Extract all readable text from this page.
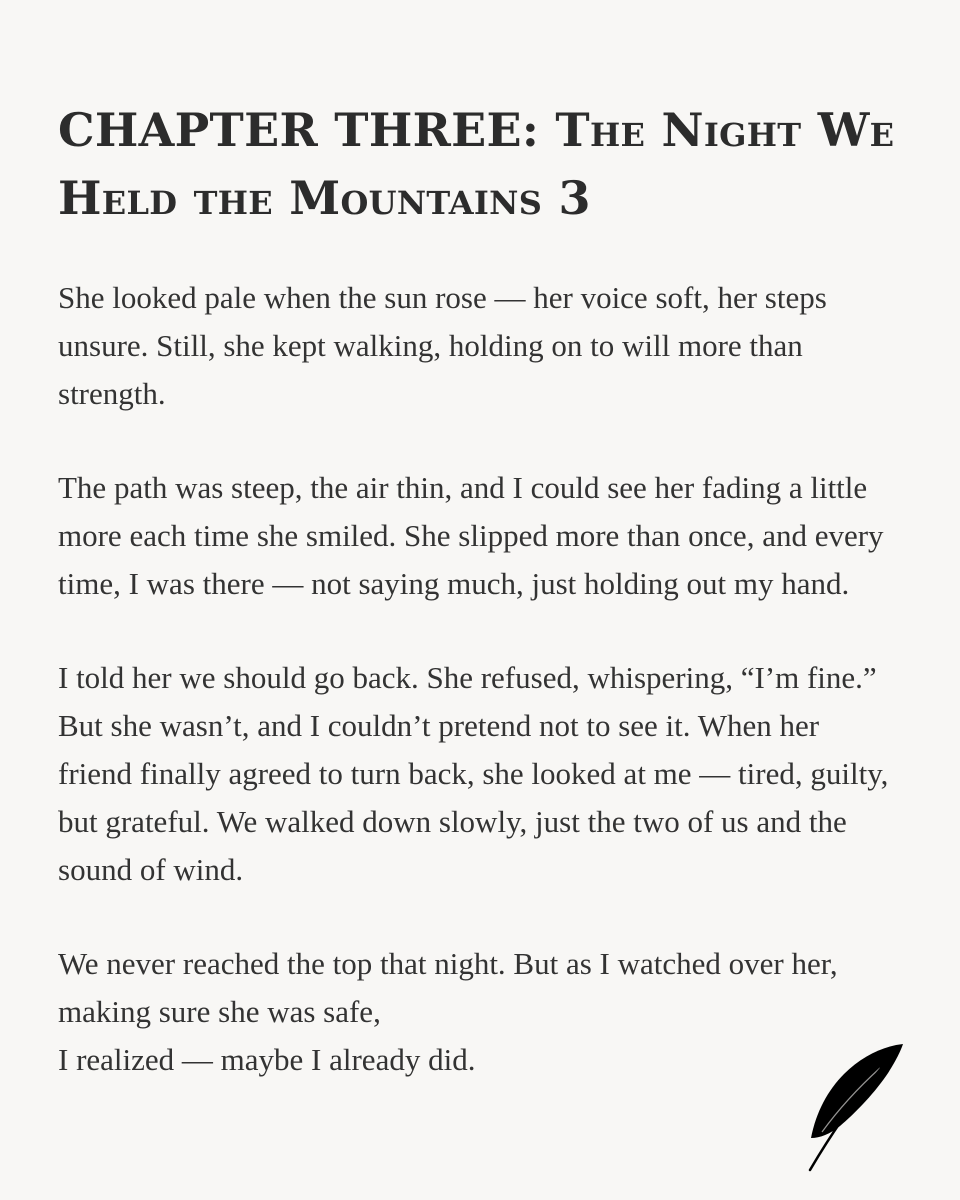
CHAPTER THREE: The Night We Held the Mountains 3

She looked pale when the sun rose — her voice soft, her steps unsure. Still, she kept walking, holding on to will more than strength.

The path was steep, the air thin, and I could see her fading a little more each time she smiled. She slipped more than once, and every time, I was there — not saying much, just holding out my hand.

I told her we should go back. She refused, whispering, “I’m fine.” But she wasn’t, and I couldn’t pretend not to see it. When her friend finally agreed to turn back, she looked at me — tired, guilty, but grateful. We walked down slowly, just the two of us and the sound of wind.

We never reached the top that night. But as I watched over her, making sure she was safe,
I realized — maybe I already did.
